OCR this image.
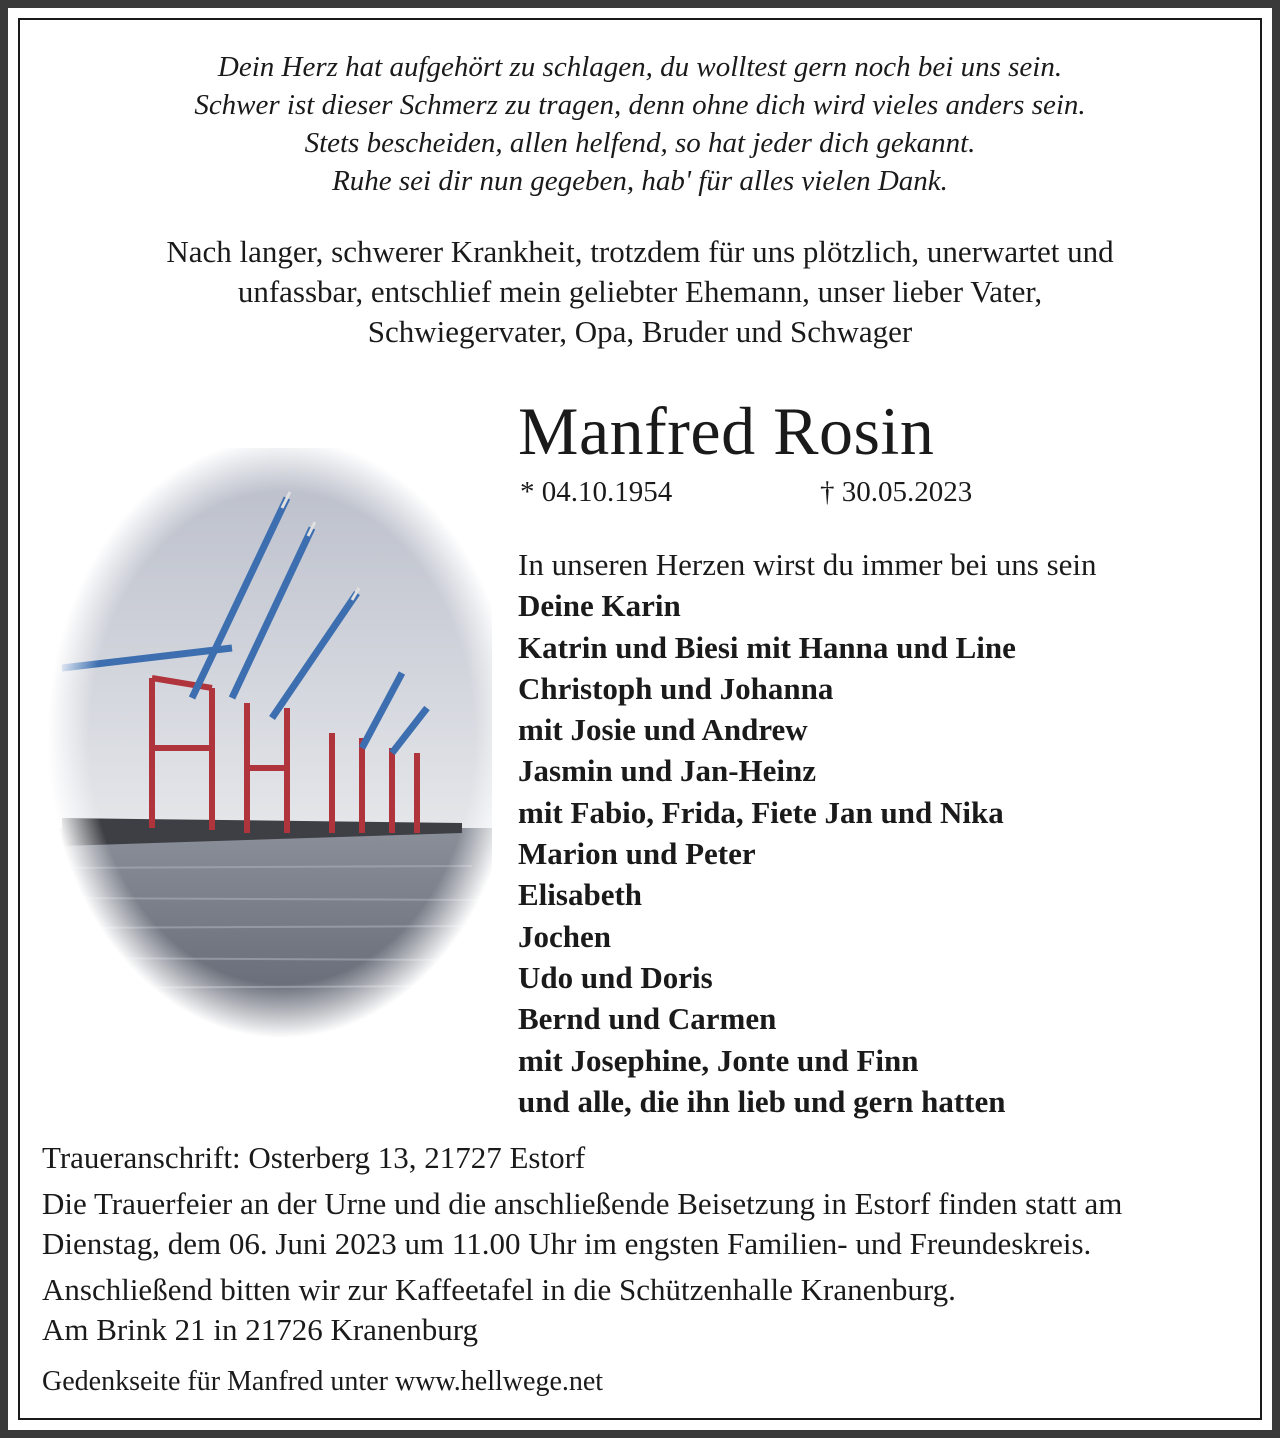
Dein Herz hat aufgehört zu schlagen, du wolltest gern noch bei uns sein.
Schwer ist dieser Schmerz zu tragen, denn ohne dich wird vieles anders sein.
Stets bescheiden, allen helfend, so hat jeder dich gekannt.
Ruhe sei dir nun gegeben, hab' für alles vielen Dank.
Nach langer, schwerer Krankheit, trotzdem für uns plötzlich, unerwartet und
unfassbar, entschlief mein geliebter Ehemann, unser lieber Vater,
Schwiegervater, Opa, Bruder und Schwager
Manfred Rosin
* 04.10.1954	† 30.05.2023
In unseren Herzen wirst du immer bei uns sein
Deine Karin
Katrin und Biesi mit Hanna und Line
Christoph und Johanna
mit Josie und Andrew
Jasmin und Jan-Heinz
mit Fabio, Frida, Fiete Jan und Nika
Marion und Peter
Elisabeth
Jochen
Udo und Doris
Bernd und Carmen
mit Josephine, Jonte und Finn
und alle, die ihn lieb und gern hatten
Traueranschrift: Osterberg 13, 21727 Estorf
Die Trauerfeier an der Urne und die anschließende Beisetzung in Estorf finden statt am
Dienstag, dem 06. Juni 2023 um 11.00 Uhr im engsten Familien- und Freundeskreis.
Anschließend bitten wir zur Kaffeetafel in die Schützenhalle Kranenburg.
Am Brink 21 in 21726 Kranenburg
Gedenkseite für Manfred unter www.hellwege.net
